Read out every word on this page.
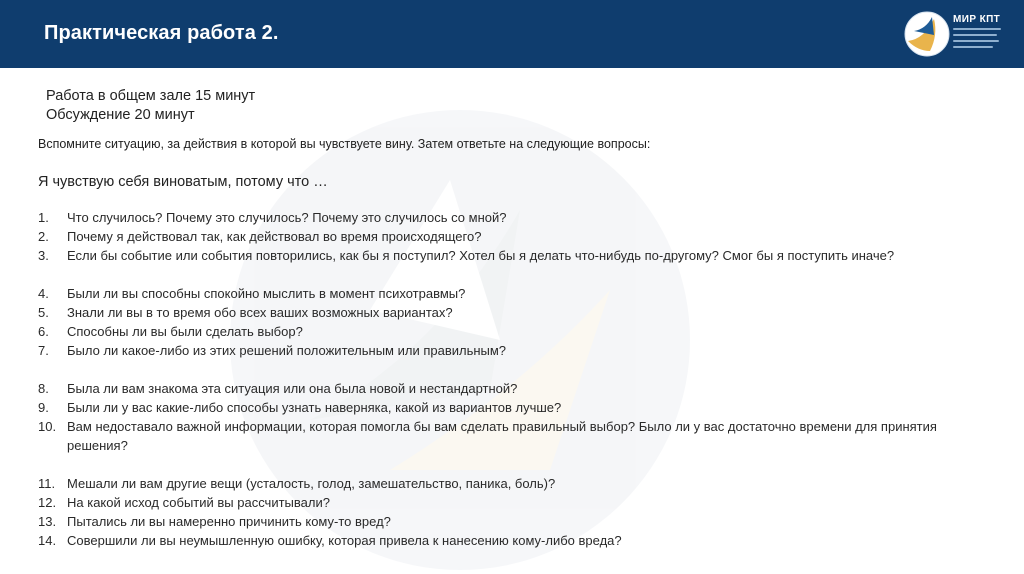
Практическая работа 2.
МИР КПТ
Работа в общем зале 15 минут
Обсуждение 20 минут
Вспомните ситуацию, за действия в которой вы чувствуете вину. Затем ответьте на следующие вопросы:
Я чувствую себя виноватым, потому что …
1.	Что случилось? Почему это случилось? Почему это случилось со мной?
2.	Почему я действовал так, как действовал во время происходящего?
3.	Если бы событие или события повторились, как бы я поступил? Хотел бы я делать что-нибудь по-другому? Смог бы я поступить иначе?
4.	Были ли вы способны спокойно мыслить в момент психотравмы?
5.	Знали ли вы в то время обо всех ваших возможных вариантах?
6.	Способны ли вы были сделать выбор?
7.	Было ли какое-либо из этих решений положительным или правильным?
8.	Была ли вам знакома эта ситуация или она была новой и нестандартной?
9.	Были ли у вас какие-либо способы узнать наверняка, какой из вариантов лучше?
10. Вам недоставало важной информации, которая помогла бы вам сделать правильный выбор? Было ли у вас достаточно времени для принятия решения?
11. Мешали ли вам другие вещи (усталость, голод, замешательство, паника, боль)?
12. На какой исход событий вы рассчитывали?
13. Пытались ли вы намеренно причинить кому-то вред?
14. Совершили ли вы неумышленную ошибку, которая привела к нанесению кому-либо вреда?
